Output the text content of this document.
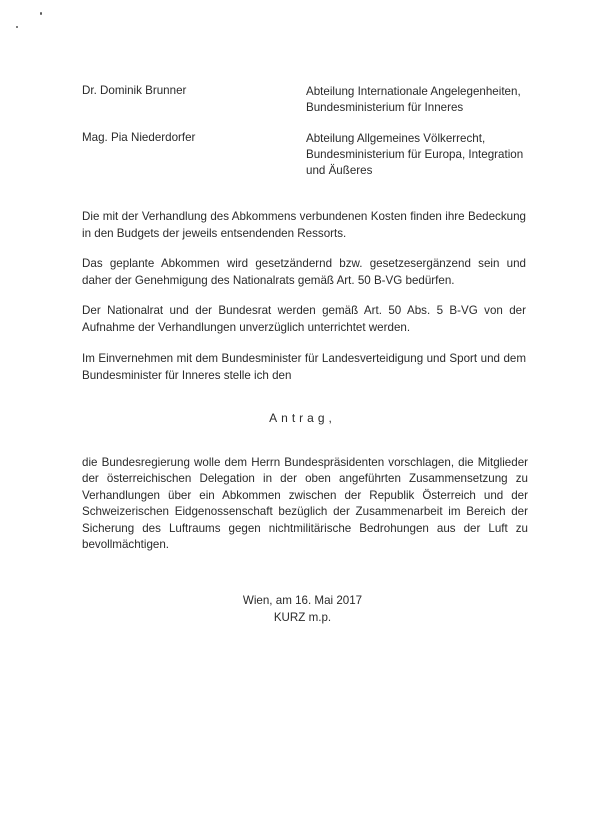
Dr. Dominik Brunner	Abteilung Internationale Angelegenheiten,
Bundesministerium für Inneres
Mag. Pia Niederdorfer	Abteilung Allgemeines Völkerrecht,
Bundesministerium für Europa, Integration
und Äußeres
Die mit der Verhandlung des Abkommens verbundenen Kosten finden ihre Bedeckung in den Budgets der jeweils entsendenden Ressorts.
Das geplante Abkommen wird gesetzändernd bzw. gesetzesergänzend sein und daher der Genehmigung des Nationalrats gemäß Art. 50 B-VG bedürfen.
Der Nationalrat und der Bundesrat werden gemäß Art. 50 Abs. 5 B-VG von der Aufnahme der Verhandlungen unverzüglich unterrichtet werden.
Im Einvernehmen mit dem Bundesminister für Landesverteidigung und Sport und dem Bundesminister für Inneres stelle ich den
Antrag,
die Bundesregierung wolle dem Herrn Bundespräsidenten vorschlagen, die Mitglieder der österreichischen Delegation in der oben angeführten Zusammensetzung zu Verhandlungen über ein Abkommen zwischen der Republik Österreich und der Schweizerischen Eidgenossenschaft bezüglich der Zusammenarbeit im Bereich der Sicherung des Luftraums gegen nichtmilitärische Bedrohungen aus der Luft zu bevollmächtigen.
Wien, am 16. Mai 2017
KURZ m.p.
